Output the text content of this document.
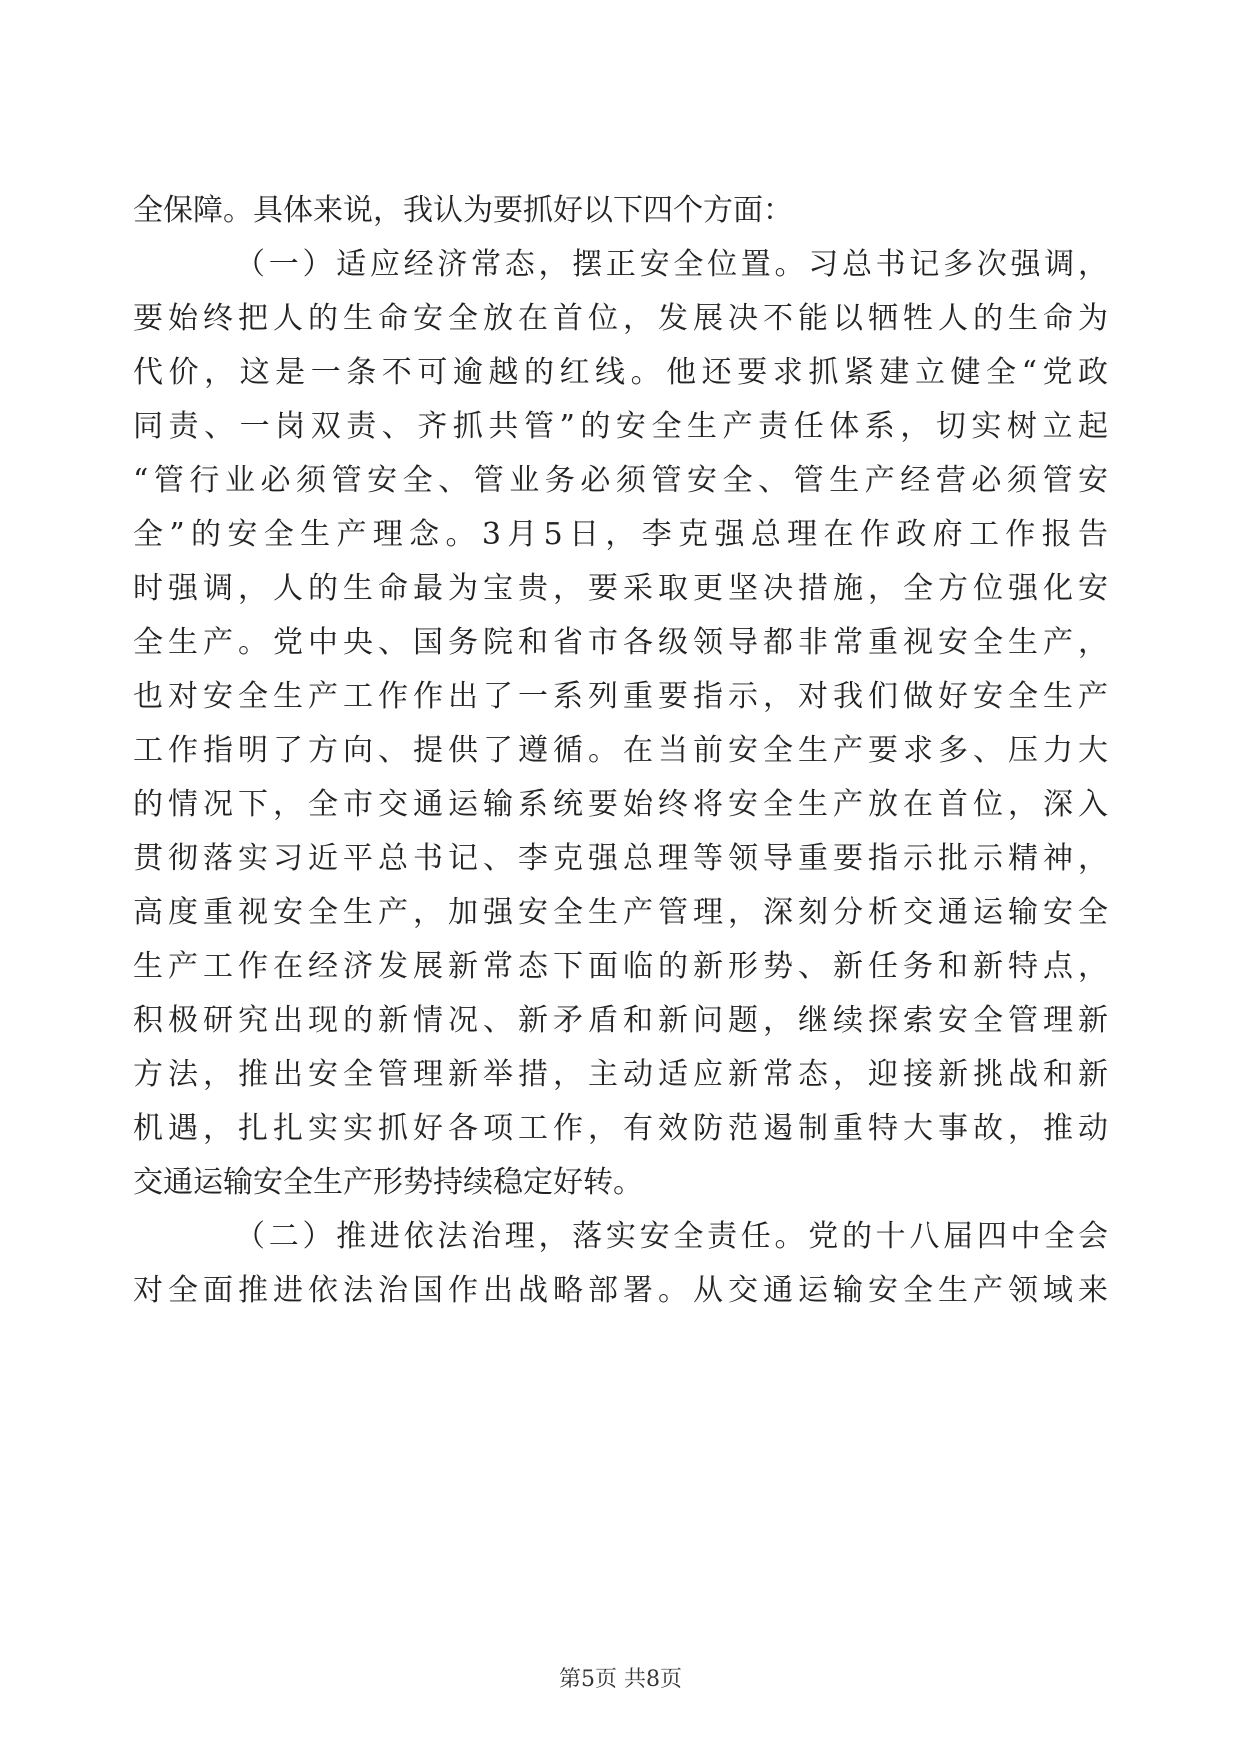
全保障。具体来说，我认为要抓好以下四个方面：
（一）适应经济常态，摆正安全位置。习总书记多次强调，
要始终把人的生命安全放在首位，发展决不能以牺牲人的生命为
代价，这是一条不可逾越的红线。他还要求抓紧建立健全“党政
同责、一岗双责、齐抓共管”的安全生产责任体系，切实树立起
“管行业必须管安全、管业务必须管安全、管生产经营必须管安
全”的安全生产理念。3月5日，李克强总理在作政府工作报告
时强调，人的生命最为宝贵，要采取更坚决措施，全方位强化安
全生产。党中央、国务院和省市各级领导都非常重视安全生产，
也对安全生产工作作出了一系列重要指示，对我们做好安全生产
工作指明了方向、提供了遵循。在当前安全生产要求多、压力大
的情况下，全市交通运输系统要始终将安全生产放在首位，深入
贯彻落实习近平总书记、李克强总理等领导重要指示批示精神，
高度重视安全生产，加强安全生产管理，深刻分析交通运输安全
生产工作在经济发展新常态下面临的新形势、新任务和新特点，
积极研究出现的新情况、新矛盾和新问题，继续探索安全管理新
方法，推出安全管理新举措，主动适应新常态，迎接新挑战和新
机遇，扎扎实实抓好各项工作，有效防范遏制重特大事故，推动
交通运输安全生产形势持续稳定好转。
（二）推进依法治理，落实安全责任。党的十八届四中全会
对全面推进依法治国作出战略部署。从交通运输安全生产领域来
第5页 共8页
